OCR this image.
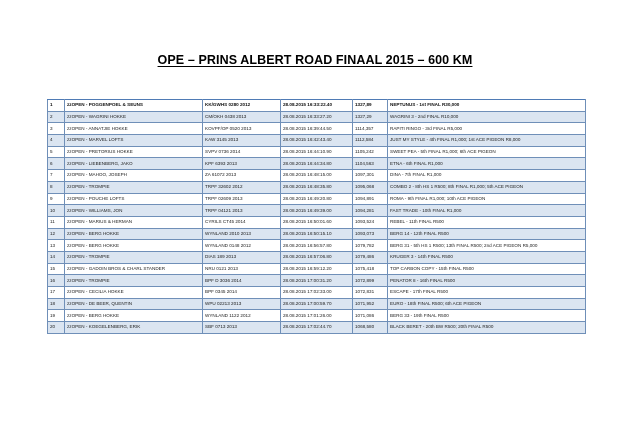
OPE – PRINS ALBERT ROAD FINAAL 2015 – 600 KM
1	zzOPEN - POGGENPOEL & SEUNS	KK/GWHS 0280 2012	28.08.2015 16:33:22.40	1327,89	NEPTUNUS - 1st FINAL R30,000
2	zzOPEN - WAGRINI HOKKE	CM/OKH 0438 2013	28.08.2015 16:33:27.20	1327,29	WAGRINI 3 - 2nd FINAL R10,000
3	zzOPEN - ANNATJIE HOKKE	KOVPF/OP 0520 2013	28.08.2015 16:39:44.50	1114,357	RAPITI RINGO - 3rd FINAL R5,000
4	zzOPEN - MARVEL LOFTS	KAW 3145 2013	28.08.2015 16:42:43.40	1112,584	JUST MY STYLE - 4th FINAL R1,000; 1st ACE PIGEON R8,000
5	zzOPEN - PRETORIUS HOKKE	SVPV 0736 2014	28.08.2015 16:44:10.90	1105,242	SWEET PEA - 5th FINAL R1,000; 6th ACE PIGEON
6	zzOPEN - LIEBENBERG, JAKO	KPF 6393 2013	28.08.2015 16:44:34.80	1104,563	ETNA - 6th FINAL R1,000
7	zzOPEN - MAHOO, JOSEPH	ZA 61072 2013	28.08.2015 16:48:15.00	1097,301	DINA - 7th FINAL R1,000
8	zzOPEN - TROMPIE	TRPF 32602 2012	28.08.2015 16:48:35.80	1095,068	COMBO 2 - 8th HS 1 R500; 8th FINAL R1,000; 5th ACE PIGEON
9	zzOPEN - POUCHE LOFTS	TRPF 02609 2013	28.08.2015 16:49:20.80	1094,891	ROMA - 9th FINAL R1,000; 10th ACE PIGEON
10	zzOPEN - WILLIAMS, JON	TRPF 04121 2013	28.08.2015 16:49:39.00	1094,281	FAST TRADE - 10th FINAL R1,000
11	zzOPEN - MARIUS & HERMAN	CYRILS CT45 2014	28.08.2015 16:50:01.60	1093,524	REBEL - 11th FINAL R500
12	zzOPEN - BERG HOKKE	WYNLAND 2010 2013	28.08.2015 16:50:15.10	1093,073	BERG 14 - 12th FINAL R500
13	zzOPEN - BERG HOKKE	WYNLAND 0148 2012	28.08.2015 16:56:57.80	1079,782	BERG 31 - 5th HS 1 R500; 13th FINAL R500; 2nd ACE PIGEON R5,000
14	zzOPEN - TROMPIE	DIAS 189 2013	28.08.2015 16:57:06.80	1079,486	KRUGER 3 - 14th FINAL R500
15	zzOPEN - GADOIN BROS & CHARL STANDER	NRU 0121 2013	28.08.2015 16:59:12.20	1075,418	TOP CARBON COPY - 15th FINAL R500
16	zzOPEN - TROMPIE	BPF D 3036 2014	28.08.2015 17:00:31.20	1072,899	PENATOR 8 - 16th FINAL R500
17	zzOPEN - CECILIA HOKKE	BPF 0345 2014	28.08.2015 17:02:33.00	1072,831	ESCAPE - 17th FINAL R500
18	zzOPEN - DE BEER, QUENTIN	WPU 02213 2013	28.08.2015 17:00:59.70	1071,952	EURO - 18th FINAL R500; 6th ACE PIGEON
19	zzOPEN - BERG HOKKE	WYNLAND 1122 2012	28.08.2015 17:01:26.00	1071,086	BERG 33 - 19th FINAL R500
20	zzOPEN - KOEGELENBERG, ERIK	SBF 0713 2013	28.08.2015 17:02:44.70	1068,580	BLACK BERET - 20th BW R500; 20th FINAL R500
